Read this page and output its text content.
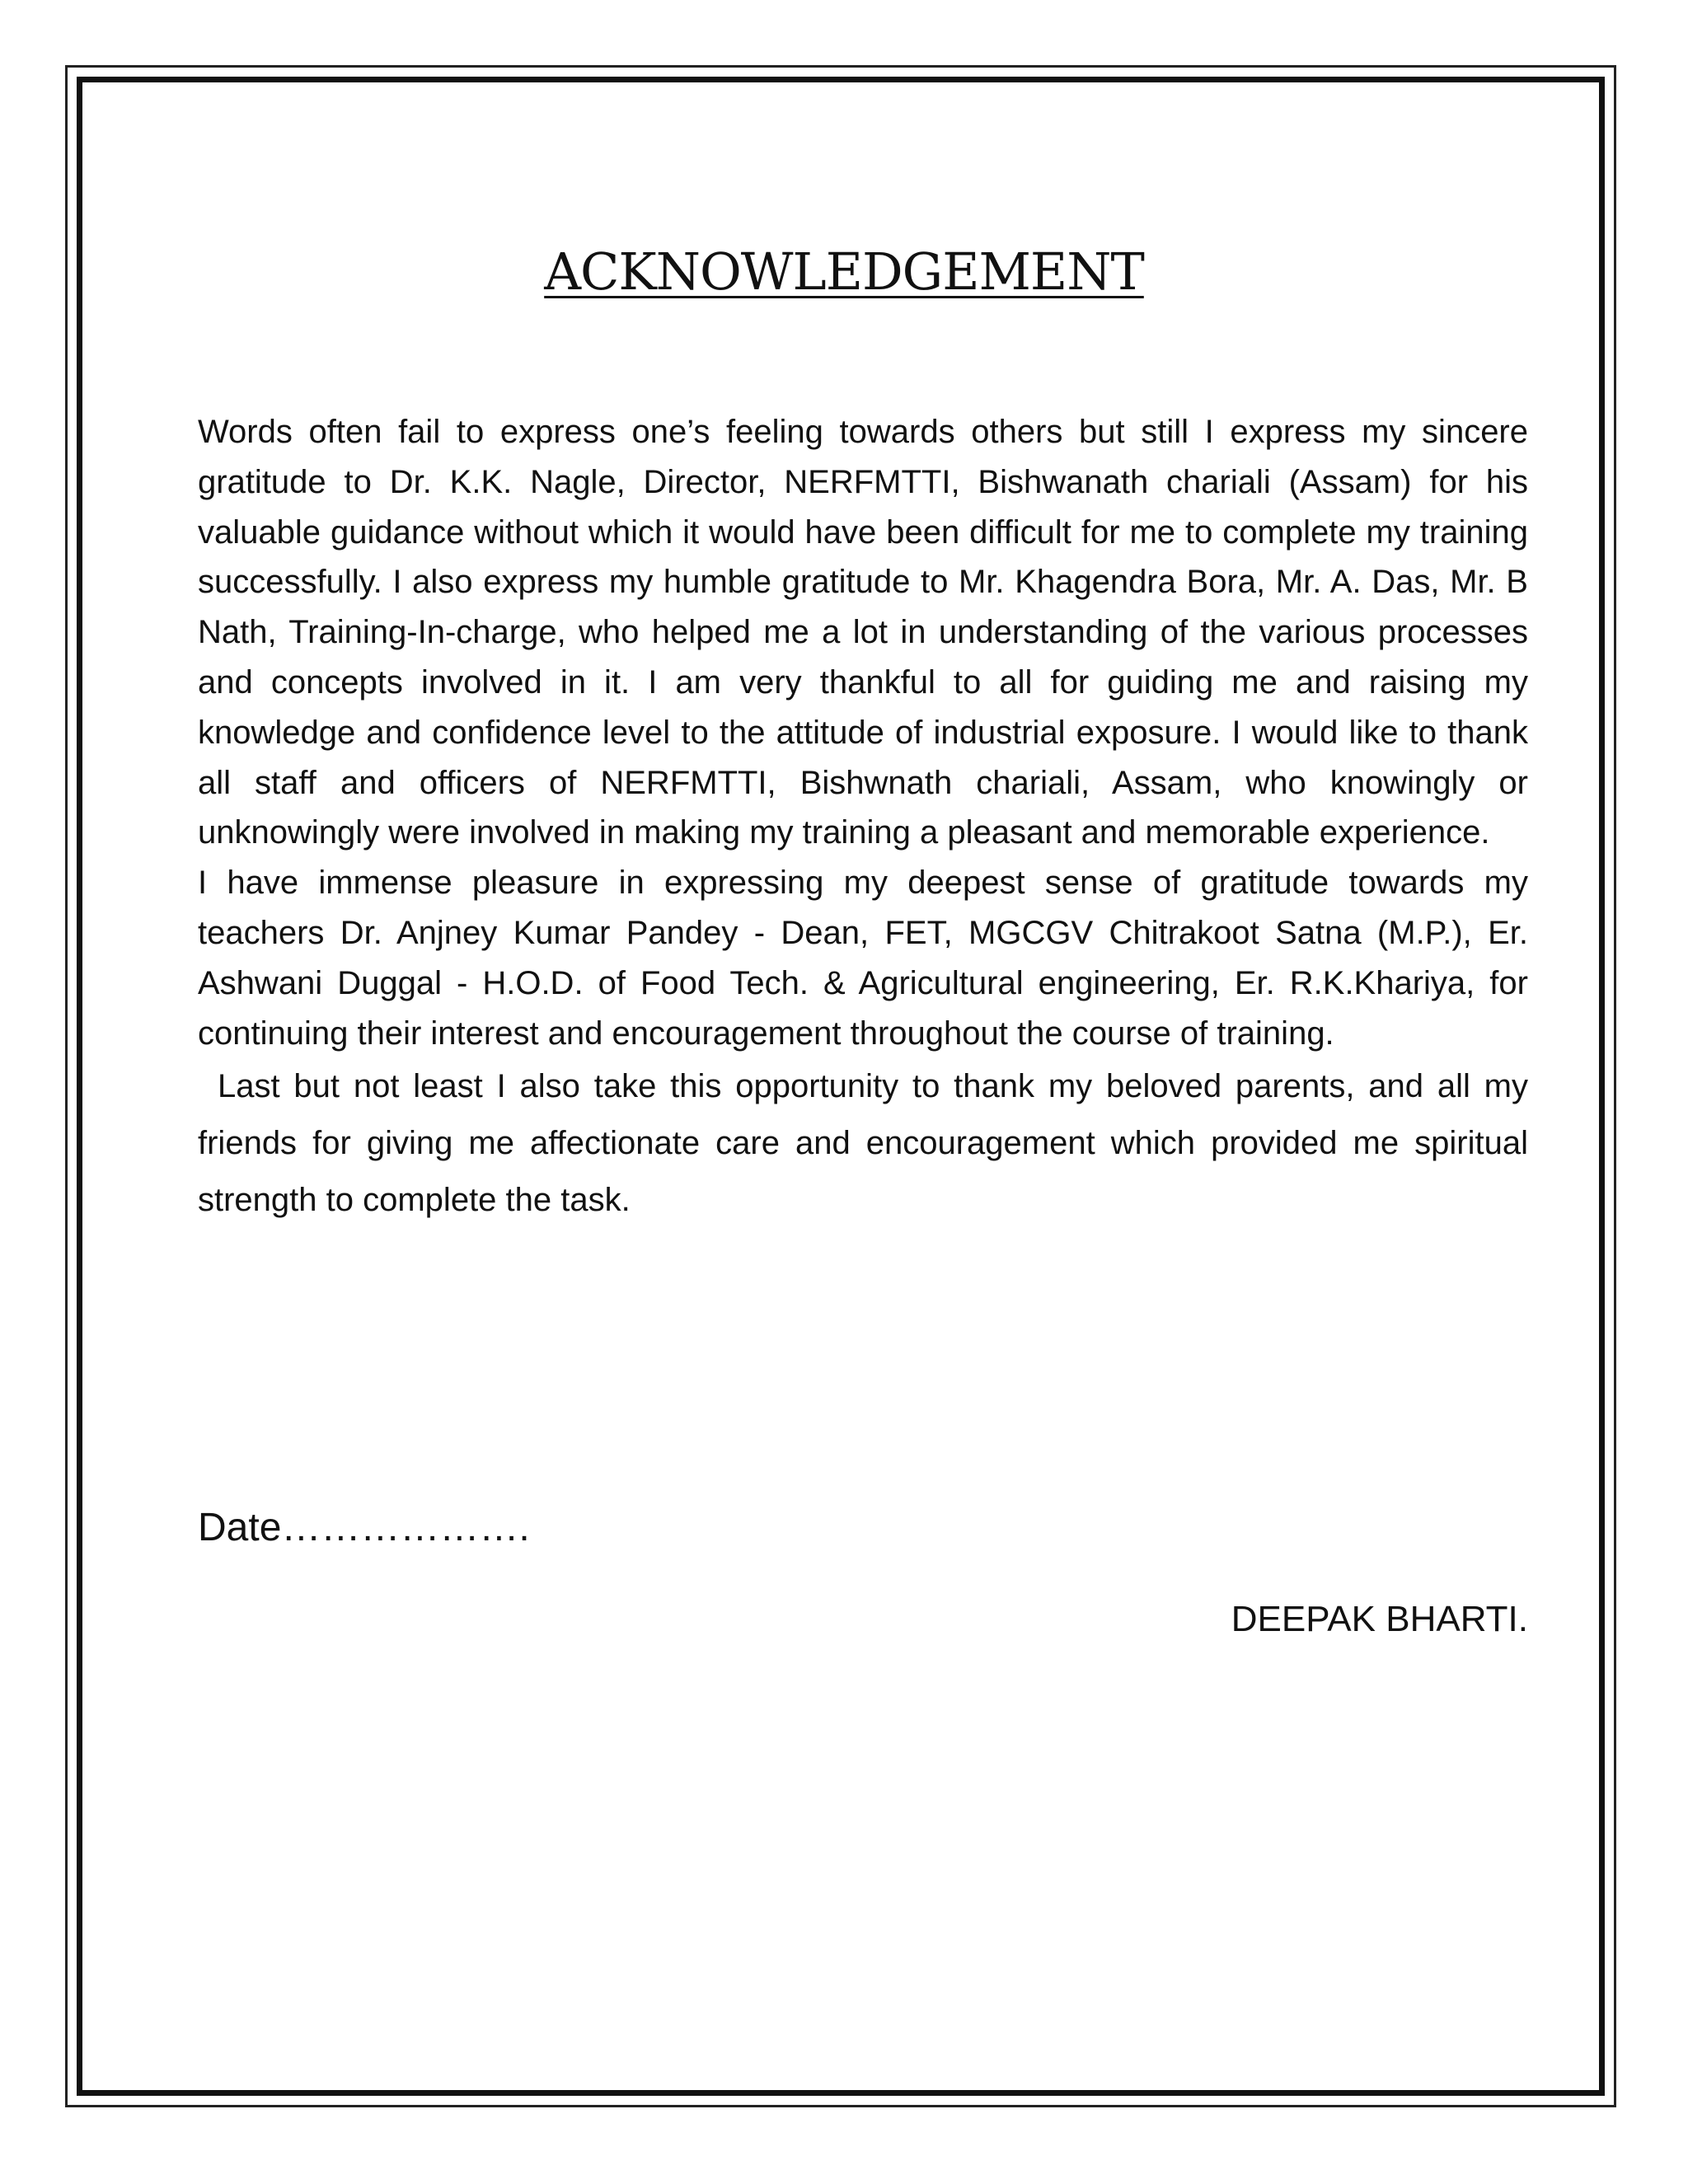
ACKNOWLEDGEMENT

Words often fail to express one’s feeling towards others but still I express my sincere gratitude to Dr. K.K. Nagle, Director, NERFMTTI, Bishwanath chariali (Assam) for his valuable guidance without which it would have been difficult for me to complete my training successfully. I also express my humble gratitude to Mr. Khagendra Bora, Mr. A. Das, Mr. B Nath, Training-In-charge, who helped me a lot in understanding of the various processes and concepts involved in it. I am very thankful to all for guiding me and raising my knowledge and confidence level to the attitude of industrial exposure. I would like to thank all staff and officers of NERFMTTI, Bishwnath chariali, Assam, who knowingly or unknowingly were involved in making my training a pleasant and memorable experience.

I have immense pleasure in expressing my deepest sense of gratitude towards my teachers Dr. Anjney Kumar Pandey - Dean, FET, MGCGV Chitrakoot Satna (M.P.), Er. Ashwani Duggal - H.O.D. of Food Tech. & Agricultural engineering, Er. R.K.Khariya, for continuing their interest and encouragement throughout the course of training.

Last but not least I also take this opportunity to thank my beloved parents, and all my friends for giving me affectionate care and encouragement which provided me spiritual strength to complete the task.

Date……………….
DEEPAK BHARTI.
